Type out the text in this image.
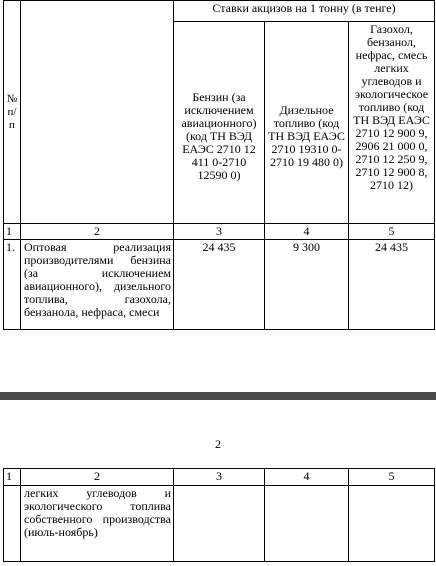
№ п/п		Ставки акцизов на 1 тонну (в тенге)		
		Бензин (за исключением авиационного) (код ТН ВЭД ЕАЭС 2710 12 411 0-2710 12590 0)	Дизельное топливо (код ТН ВЭД ЕАЭС 2710 19310 0-2710 19 480 0)	Газохол, бензанол, нефрас, смесь легких углеводов и экологическое топливо (код ТН ВЭД ЕАЭС 2710 12 900 9, 2906 21 000 0, 2710 12 250 9, 2710 12 900 8, 2710 12)
1	2	3	4	5
1.	Оптовая реализация производителями бензина (за исключением авиационного), дизельного топлива, газохола, бензанола, нефраса, смеси	24 435	9 300	24 435
2
1	2	3	4	5
	легких углеводов и экологического топлива собственного производства (июль-ноябрь)			
